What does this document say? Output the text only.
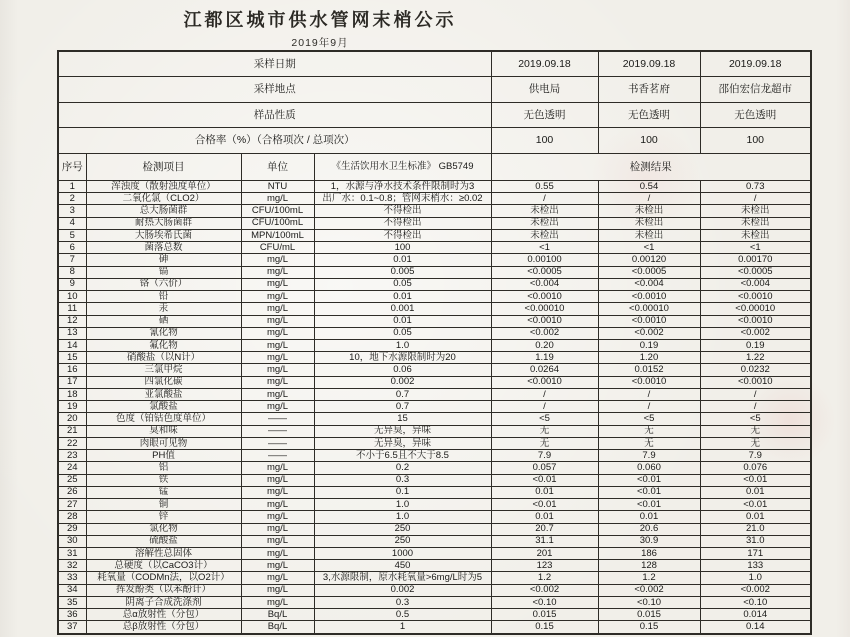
江都区城市供水管网末梢公示
2019年9月
采样日期				2019.09.18	2019.09.18	2019.09.18
采样地点				供电局	书香茗府	邵伯宏信龙超市
样品性质				无色透明	无色透明	无色透明
合格率（%）（合格项次 / 总项次）				100	100	100
序号	检测项目	单位	《生活饮用水卫生标准》 GB5749	检测结果		
1	浑浊度（散射浊度单位）	NTU	1，水源与净水技术条件限制时为3	0.55	0.54	0.73
2	二氧化氯（CLO2）	mg/L	出厂水：0.1~0.8；管网末梢水：≥0.02	/	/	/
3	总大肠菌群	CFU/100mL	不得检出	未检出	未检出	未检出
4	耐热大肠菌群	CFU/100mL	不得检出	未检出	未检出	未检出
5	大肠埃希氏菌	MPN/100mL	不得检出	未检出	未检出	未检出
6	菌落总数	CFU/mL	100	<1	<1	<1
7	砷	mg/L	0.01	0.00100	0.00120	0.00170
8	镉	mg/L	0.005	<0.0005	<0.0005	<0.0005
9	铬（六价）	mg/L	0.05	<0.004	<0.004	<0.004
10	铅	mg/L	0.01	<0.0010	<0.0010	<0.0010
11	汞	mg/L	0.001	<0.00010	<0.00010	<0.00010
12	硒	mg/L	0.01	<0.0010	<0.0010	<0.0010
13	氰化物	mg/L	0.05	<0.002	<0.002	<0.002
14	氟化物	mg/L	1.0	0.20	0.19	0.19
15	硝酸盐（以N计）	mg/L	10，地下水源限制时为20	1.19	1.20	1.22
16	三氯甲烷	mg/L	0.06	0.0264	0.0152	0.0232
17	四氯化碳	mg/L	0.002	<0.0010	<0.0010	<0.0010
18	亚氯酸盐	mg/L	0.7	/	/	/
19	氯酸盐	mg/L	0.7	/	/	/
20	色度（铂钴色度单位）	——	15	<5	<5	<5
21	臭和味	——	无异臭，异味	无	无	无
22	肉眼可见物	——	无异臭，异味	无	无	无
23	PH值	——	不小于6.5且不大于8.5	7.9	7.9	7.9
24	铝	mg/L	0.2	0.057	0.060	0.076
25	铁	mg/L	0.3	<0.01	<0.01	<0.01
26	锰	mg/L	0.1	0.01	<0.01	0.01
27	铜	mg/L	1.0	<0.01	<0.01	<0.01
28	锌	mg/L	1.0	0.01	0.01	0.01
29	氯化物	mg/L	250	20.7	20.6	21.0
30	硫酸盐	mg/L	250	31.1	30.9	31.0
31	溶解性总固体	mg/L	1000	201	186	171
32	总硬度（以CaCO3计）	mg/L	450	123	128	133
33	耗氧量（CODMn法，以O2计）	mg/L	3,水源限制，原水耗氧量>6mg/L时为5	1.2	1.2	1.0
34	挥发酚类（以苯酚计）	mg/L	0.002	<0.002	<0.002	<0.002
35	阴离子合成洗涤剂	mg/L	0.3	<0.10	<0.10	<0.10
36	总α放射性（分包）	Bq/L	0.5	0.015	0.015	0.014
37	总β放射性（分包）	Bq/L	1	0.15	0.15	0.14
